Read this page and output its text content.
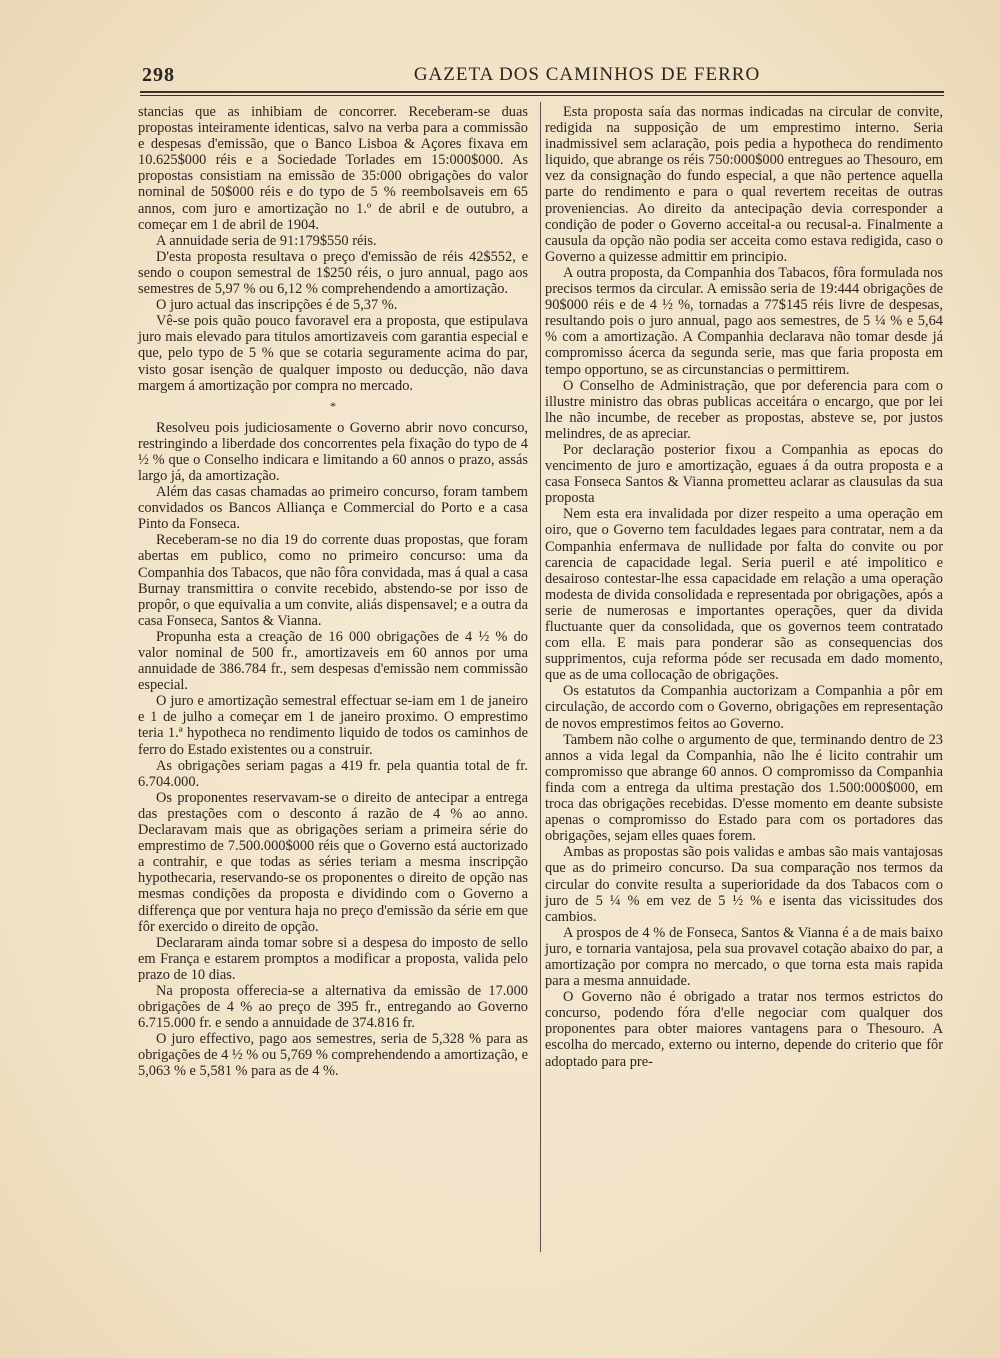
298	GAZETA DOS CAMINHOS DE FERRO

stancias que as inhibiam de concorrer. Receberam-se duas propostas inteiramente identicas, salvo na verba para a commissão e despesas d'emissão, que o Banco Lisboa & Açores fixava em 10.625$000 réis e a Sociedade Torlades em 15:000$000. As propostas consistiam na emissão de 35:000 obrigações do valor nominal de 50$000 réis e do typo de 5 % reembolsaveis em 65 annos, com juro e amortização no 1.º de abril e de outubro, a começar em 1 de abril de 1904.

A annuidade seria de 91:179$550 réis.

D'esta proposta resultava o preço d'emissão de réis 42$552, e sendo o coupon semestral de 1$250 réis, o juro annual, pago aos semestres de 5,97 % ou 6,12 % comprehendendo a amortização.

O juro actual das inscripções é de 5,37 %.

Vê-se pois quão pouco favoravel era a proposta, que estipulava juro mais elevado para titulos amortizaveis com garantia especial e que, pelo typo de 5 % que se cotaria seguramente acima do par, visto gosar isenção de qualquer imposto ou deducção, não dava margem á amortização por compra no mercado.

*

Resolveu pois judiciosamente o Governo abrir novo concurso, restringindo a liberdade dos concorrentes pela fixação do typo de 4 ½ % que o Conselho indicara e limitando a 60 annos o prazo, assás largo já, da amortização.

Além das casas chamadas ao primeiro concurso, foram tambem convidados os Bancos Alliança e Commercial do Porto e a casa Pinto da Fonseca.

Receberam-se no dia 19 do corrente duas propostas, que foram abertas em publico, como no primeiro concurso: uma da Companhia dos Tabacos, que não fôra convidada, mas á qual a casa Burnay transmittira o convite recebido, abstendo-se por isso de propôr, o que equivalia a um convite, aliás dispensavel; e a outra da casa Fonseca, Santos & Vianna.

Propunha esta a creação de 16 000 obrigações de 4 ½ % do valor nominal de 500 fr., amortizaveis em 60 annos por uma annuidade de 386.784 fr., sem despesas d'emissão nem commissão especial.

O juro e amortização semestral effectuar se-iam em 1 de janeiro e 1 de julho a começar em 1 de janeiro proximo. O emprestimo teria 1.ª hypotheca no rendimento liquido de todos os caminhos de ferro do Estado existentes ou a construir.

As obrigações seriam pagas a 419 fr. pela quantia total de fr. 6.704.000.

Os proponentes reservavam-se o direito de antecipar a entrega das prestações com o desconto á razão de 4 % ao anno. Declaravam mais que as obrigações seriam a primeira série do emprestimo de 7.500.000$000 réis que o Governo está auctorizado a contrahir, e que todas as séries teriam a mesma inscripção hypothecaria, reservando-se os proponentes o direito de opção nas mesmas condições da proposta e dividindo com o Governo a differença que por ventura haja no preço d'emissão da série em que fôr exercido o direito de opção.

Declararam ainda tomar sobre si a despesa do imposto de sello em França e estarem promptos a modificar a proposta, valida pelo prazo de 10 dias.

Na proposta offerecia-se a alternativa da emissão de 17.000 obrigações de 4 % ao preço de 395 fr., entregando ao Governo 6.715.000 fr. e sendo a annuidade de 374.816 fr.

O juro effectivo, pago aos semestres, seria de 5,328 % para as obrigações de 4 ½ % ou 5,769 % comprehendendo a amortização, e 5,063 % e 5,581 % para as de 4 %.

Esta proposta saía das normas indicadas na circular de convite, redigida na supposição de um emprestimo interno. Seria inadmissivel sem aclaração, pois pedia a hypotheca do rendimento liquido, que abrange os réis 750:000$000 entregues ao Thesouro, em vez da consignação do fundo especial, a que não pertence aquella parte do rendimento e para o qual revertem receitas de outras proveniencias. Ao direito da antecipação devia corresponder a condição de poder o Governo acceital-a ou recusal-a. Finalmente a causula da opção não podia ser acceita como estava redigida, caso o Governo a quizesse admittir em principio.

A outra proposta, da Companhia dos Tabacos, fôra formulada nos precisos termos da circular. A emissão seria de 19:444 obrigações de 90$000 réis e de 4 ½ %, tornadas a 77$145 réis livre de despesas, resultando pois o juro annual, pago aos semestres, de 5 ¼ % e 5,64 % com a amortização. A Companhia declarava não tomar desde já compromisso ácerca da segunda serie, mas que faria proposta em tempo opportuno, se as circunstancias o permittirem.

O Conselho de Administração, que por deferencia para com o illustre ministro das obras publicas acceitára o encargo, que por lei lhe não incumbe, de receber as propostas, absteve se, por justos melindres, de as apreciar.

Por declaração posterior fixou a Companhia as epocas do vencimento de juro e amortização, eguaes á da outra proposta e a casa Fonseca Santos & Vianna prometteu aclarar as clausulas da sua proposta

Nem esta era invalidada por dizer respeito a uma operação em oiro, que o Governo tem faculdades legaes para contratar, nem a da Companhia enfermava de nullidade por falta do convite ou por carencia de capacidade legal. Seria pueril e até impolitico e desairoso contestar-lhe essa capacidade em relação a uma operação modesta de divida consolidada e representada por obrigações, após a serie de numerosas e importantes operações, quer da divida fluctuante quer da consolidada, que os governos teem contratado com ella. E mais para ponderar são as consequencias dos supprimentos, cuja reforma póde ser recusada em dado momento, que as de uma collocação de obrigações.

Os estatutos da Companhia auctorizam a Companhia a pôr em circulação, de accordo com o Governo, obrigações em representação de novos emprestimos feitos ao Governo.

Tambem não colhe o argumento de que, terminando dentro de 23 annos a vida legal da Companhia, não lhe é licito contrahir um compromisso que abrange 60 annos. O compromisso da Companhia finda com a entrega da ultima prestação dos 1.500:000$000, em troca das obrigações recebidas. D'esse momento em deante subsiste apenas o compromisso do Estado para com os portadores das obrigações, sejam elles quaes forem.

Ambas as propostas são pois validas e ambas são mais vantajosas que as do primeiro concurso. Da sua comparação nos termos da circular do convite resulta a superioridade da dos Tabacos com o juro de 5 ¼ % em vez de 5 ½ % e isenta das vicissitudes dos cambios.

A prospos de 4 % de Fonseca, Santos & Vianna é a de mais baixo juro, e tornaria vantajosa, pela sua provavel cotação abaixo do par, a amortização por compra no mercado, o que torna esta mais rapida para a mesma annuidade.

O Governo não é obrigado a tratar nos termos estrictos do concurso, podendo fóra d'elle negociar com qualquer dos proponentes para obter maiores vantagens para o Thesouro. A escolha do mercado, externo ou interno, depende do criterio que fôr adoptado para pre-
